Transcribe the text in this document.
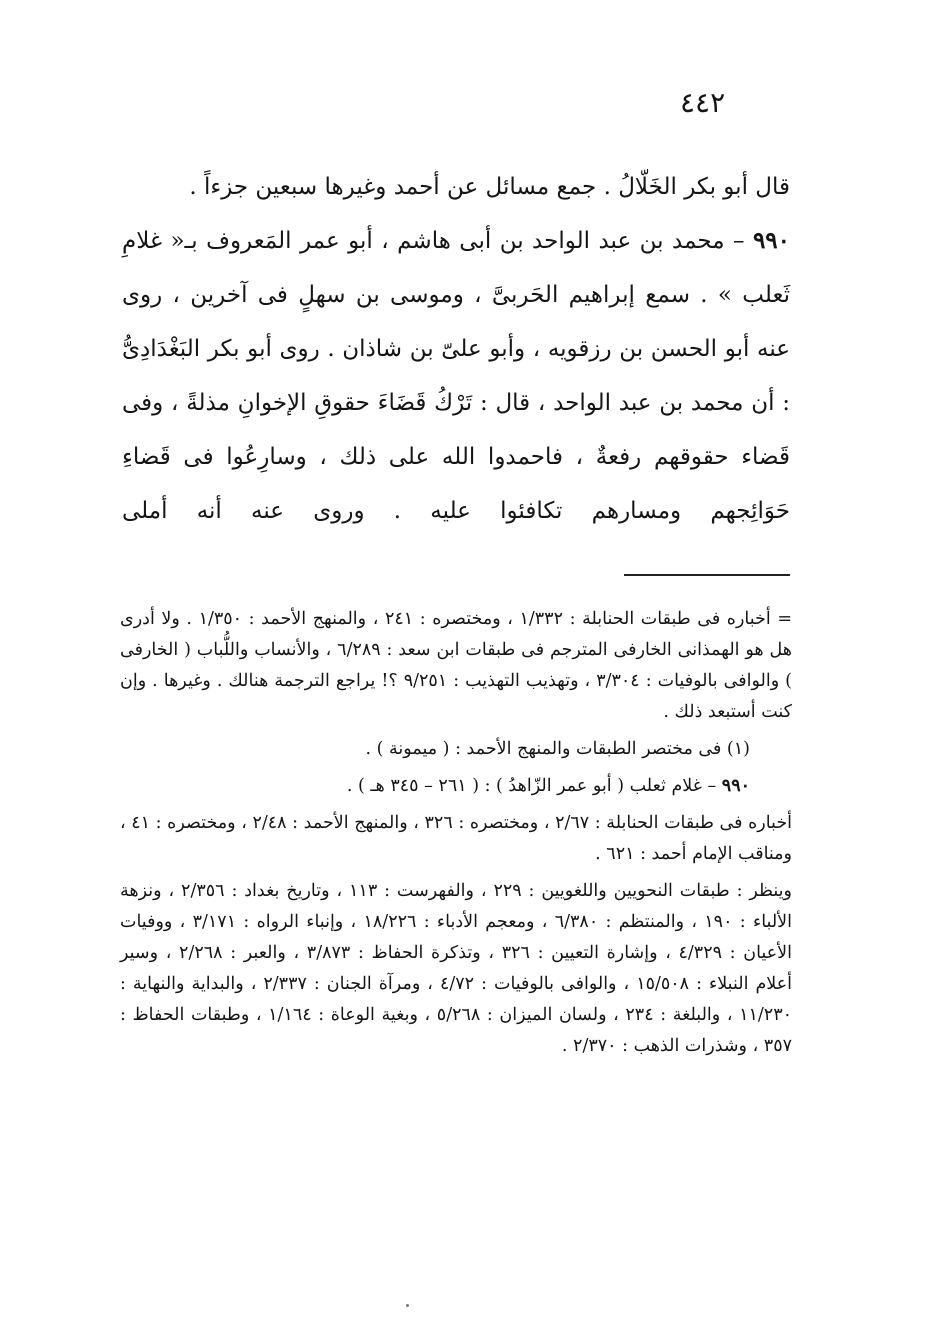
٤٤٢

قال أبو بكر الخَلّالُ . جمع مسائل عن أحمد وغيرها سبعين جزءاً .

٩٩٠ – محمد بن عبد الواحد بن أبى هاشم ، أبو عمر المَعروف بـ« غلامِ ثَعلب » . سمع إبراهيم الحَربىَّ ، وموسى بن سهلٍ فى آخرين ، روى عنه أبو الحسن بن رزقويه ، وأبو علىّ بن شاذان . روى أبو بكر البَغْدَادِىُّ : أن محمد بن عبد الواحد ، قال : تَرْكُ قَضَاءَ حقوقِ الإخوانِ مذلةً ، وفى قَضاء حقوقهم رفعةٌ ، فاحمدوا الله على ذلك ، وسارِعُوا فى قَضاءِ حَوَائِجهم ومسارهم تكافئوا عليه . وروى عنه أنه أملى

= أخباره فى طبقات الحنابلة : ١/٣٣٢ ، ومختصره : ٢٤١ ، والمنهج الأحمد : ١/٣٥٠ . ولا أدرى هل هو الهمذانى الخارفى المترجم فى طبقات ابن سعد : ٦/٢٨٩ ، والأنساب واللُّباب ( الخارفى ) والوافى بالوفيات : ٣/٣٠٤ ، وتهذيب التهذيب : ٩/٢٥١ ؟! يراجع الترجمة هنالك . وغيرها . وإن كنت أستبعد ذلك .

(١) فى مختصر الطبقات والمنهج الأحمد : ( ميمونة ) .

٩٩٠ – غلام ثعلب ( أبو عمر الزّاهدُ ) : ( ٢٦١ – ٣٤٥ هـ ) .

أخباره فى طبقات الحنابلة : ٢/٦٧ ، ومختصره : ٣٢٦ ، والمنهج الأحمد : ٢/٤٨ ، ومختصره : ٤١ ، ومناقب الإمام أحمد : ٦٢١ .

وينظر : طبقات النحويين واللغويين : ٢٢٩ ، والفهرست : ١١٣ ، وتاريخ بغداد : ٢/٣٥٦ ، ونزهة الألباء : ١٩٠ ، والمنتظم : ٦/٣٨٠ ، ومعجم الأدباء : ١٨/٢٢٦ ، وإنباء الرواه : ٣/١٧١ ، ووفيات الأعيان : ٤/٣٢٩ ، وإشارة التعيين : ٣٢٦ ، وتذكرة الحفاظ : ٣/٨٧٣ ، والعبر : ٢/٢٦٨ ، وسير أعلام النبلاء : ١٥/٥٠٨ ، والوافى بالوفيات : ٤/٧٢ ، ومرآة الجنان : ٢/٣٣٧ ، والبداية والنهاية : ١١/٢٣٠ ، والبلغة : ٢٣٤ ، ولسان الميزان : ٥/٢٦٨ ، وبغية الوعاة : ١/١٦٤ ، وطبقات الحفاظ : ٣٥٧ ، وشذرات الذهب : ٢/٣٧٠ .
